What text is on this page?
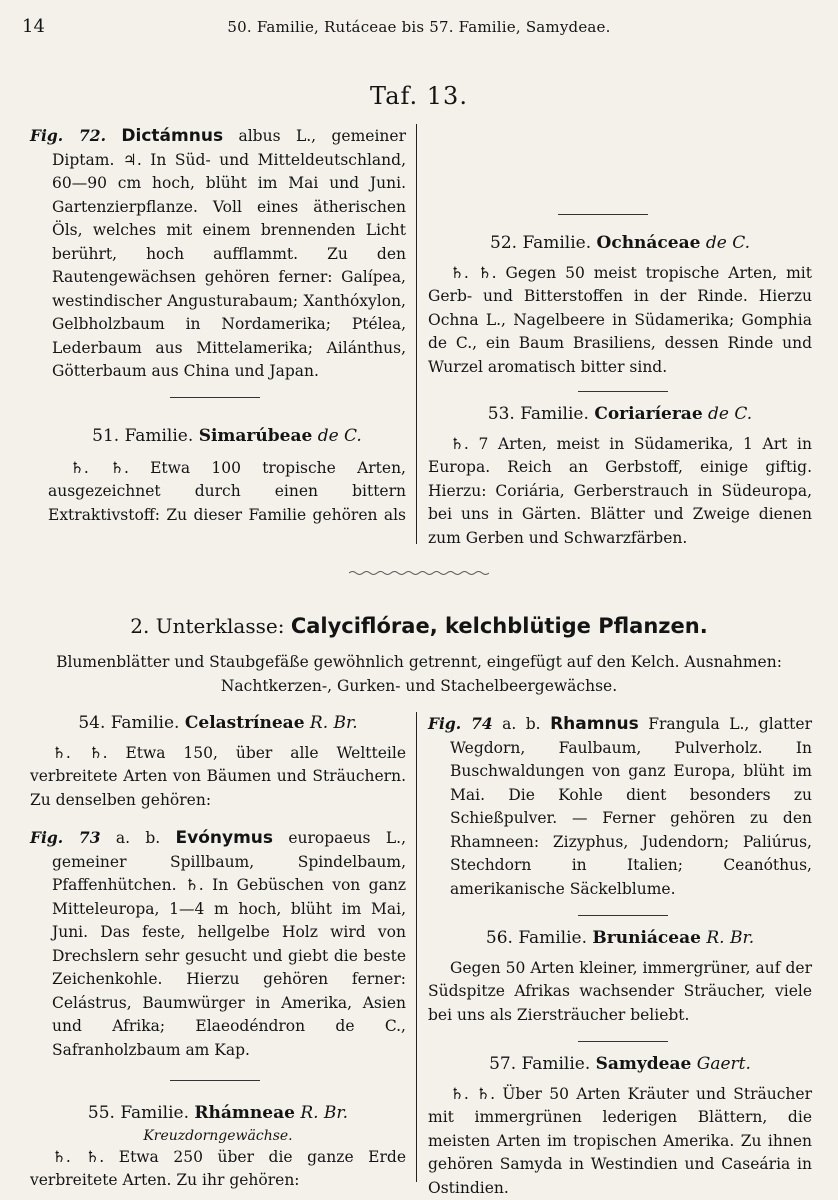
14	50. Familie, Rutáceae bis 57. Familie, Samydeae.
Taf. 13.

Fig. 72. Dictámnus albus L., gemeiner Diptam. ♃. In Süd- und Mitteldeutschland, 60—90 cm hoch, blüht im Mai und Juni. Gartenzierpflanze. Voll eines ätherischen Öls, welches mit einem brennenden Licht berührt, hoch aufflammt. Zu den Rautengewächsen gehören ferner: Galípea, westindischer Angusturabaum; Xanthóxylon, Gelbholzbaum in Nordamerika; Ptélea, Lederbaum aus Mittelamerika; Ailánthus, Götterbaum aus China und Japan.

51. Familie. Simarúbeae de C.

♄. ♄. Etwa 100 tropische Arten, ausgezeichnet durch einen bittern Extraktivstoff: Zu dieser Familie gehören als

52. Familie. Ochnáceae de C.

♄. ♄. Gegen 50 meist tropische Arten, mit Gerb- und Bitterstoffen in der Rinde. Hierzu Ochna L., Nagelbeere in Südamerika; Gomphia de C., ein Baum Brasiliens, dessen Rinde und Wurzel aromatisch bitter sind.

53. Familie. Coriaríerae de C.

♄. 7 Arten, meist in Südamerika, 1 Art in Europa. Reich an Gerbstoff, einige giftig. Hierzu: Coriária, Gerberstrauch in Südeuropa, bei uns in Gärten. Blätter und Zweige dienen zum Gerben und Schwarzfärben.

2. Unterklasse: Calyciflórae, kelchblütige Pflanzen.
Blumenblätter und Staubgefäße gewöhnlich getrennt, eingefügt auf den Kelch. Ausnahmen: Nachtkerzen-, Gurken- und Stachelbeergewächse.

54. Familie. Celastríneae R. Br.

♄. ♄. Etwa 150, über alle Weltteile verbreitete Arten von Bäumen und Sträuchern. Zu denselben gehören:

Fig. 73 a. b. Evónymus europaeus L., gemeiner Spillbaum, Spindelbaum, Pfaffenhütchen. ♄. In Gebüschen von ganz Mitteleuropa, 1—4 m hoch, blüht im Mai, Juni. Das feste, hellgelbe Holz wird von Drechslern sehr gesucht und giebt die beste Zeichenkohle. Hierzu gehören ferner: Celástrus, Baumwürger in Amerika, Asien und Afrika; Elaeodéndron de C., Safranholzbaum am Kap.

55. Familie. Rhámneae R. Br.

Kreuzdorngewächse.

♄. ♄. Etwa 250 über die ganze Erde verbreitete Arten. Zu ihr gehören:

Fig. 74 a. b. Rhamnus Frangula L., glatter Wegdorn, Faulbaum, Pulverholz. In Buschwaldungen von ganz Europa, blüht im Mai. Die Kohle dient besonders zu Schießpulver. — Ferner gehören zu den Rhamneen: Zizyphus, Judendorn; Paliúrus, Stechdorn in Italien; Ceanóthus, amerikanische Säckelblume.

56. Familie. Bruniáceae R. Br.

Gegen 50 Arten kleiner, immergrüner, auf der Südspitze Afrikas wachsender Sträucher, viele bei uns als Ziersträucher beliebt.

57. Familie. Samydeae Gaert.

♄. ♄. Über 50 Arten Kräuter und Sträucher mit immergrünen lederigen Blättern, die meisten Arten im tropischen Amerika. Zu ihnen gehören Samyda in Westindien und Caseária in Ostindien.
